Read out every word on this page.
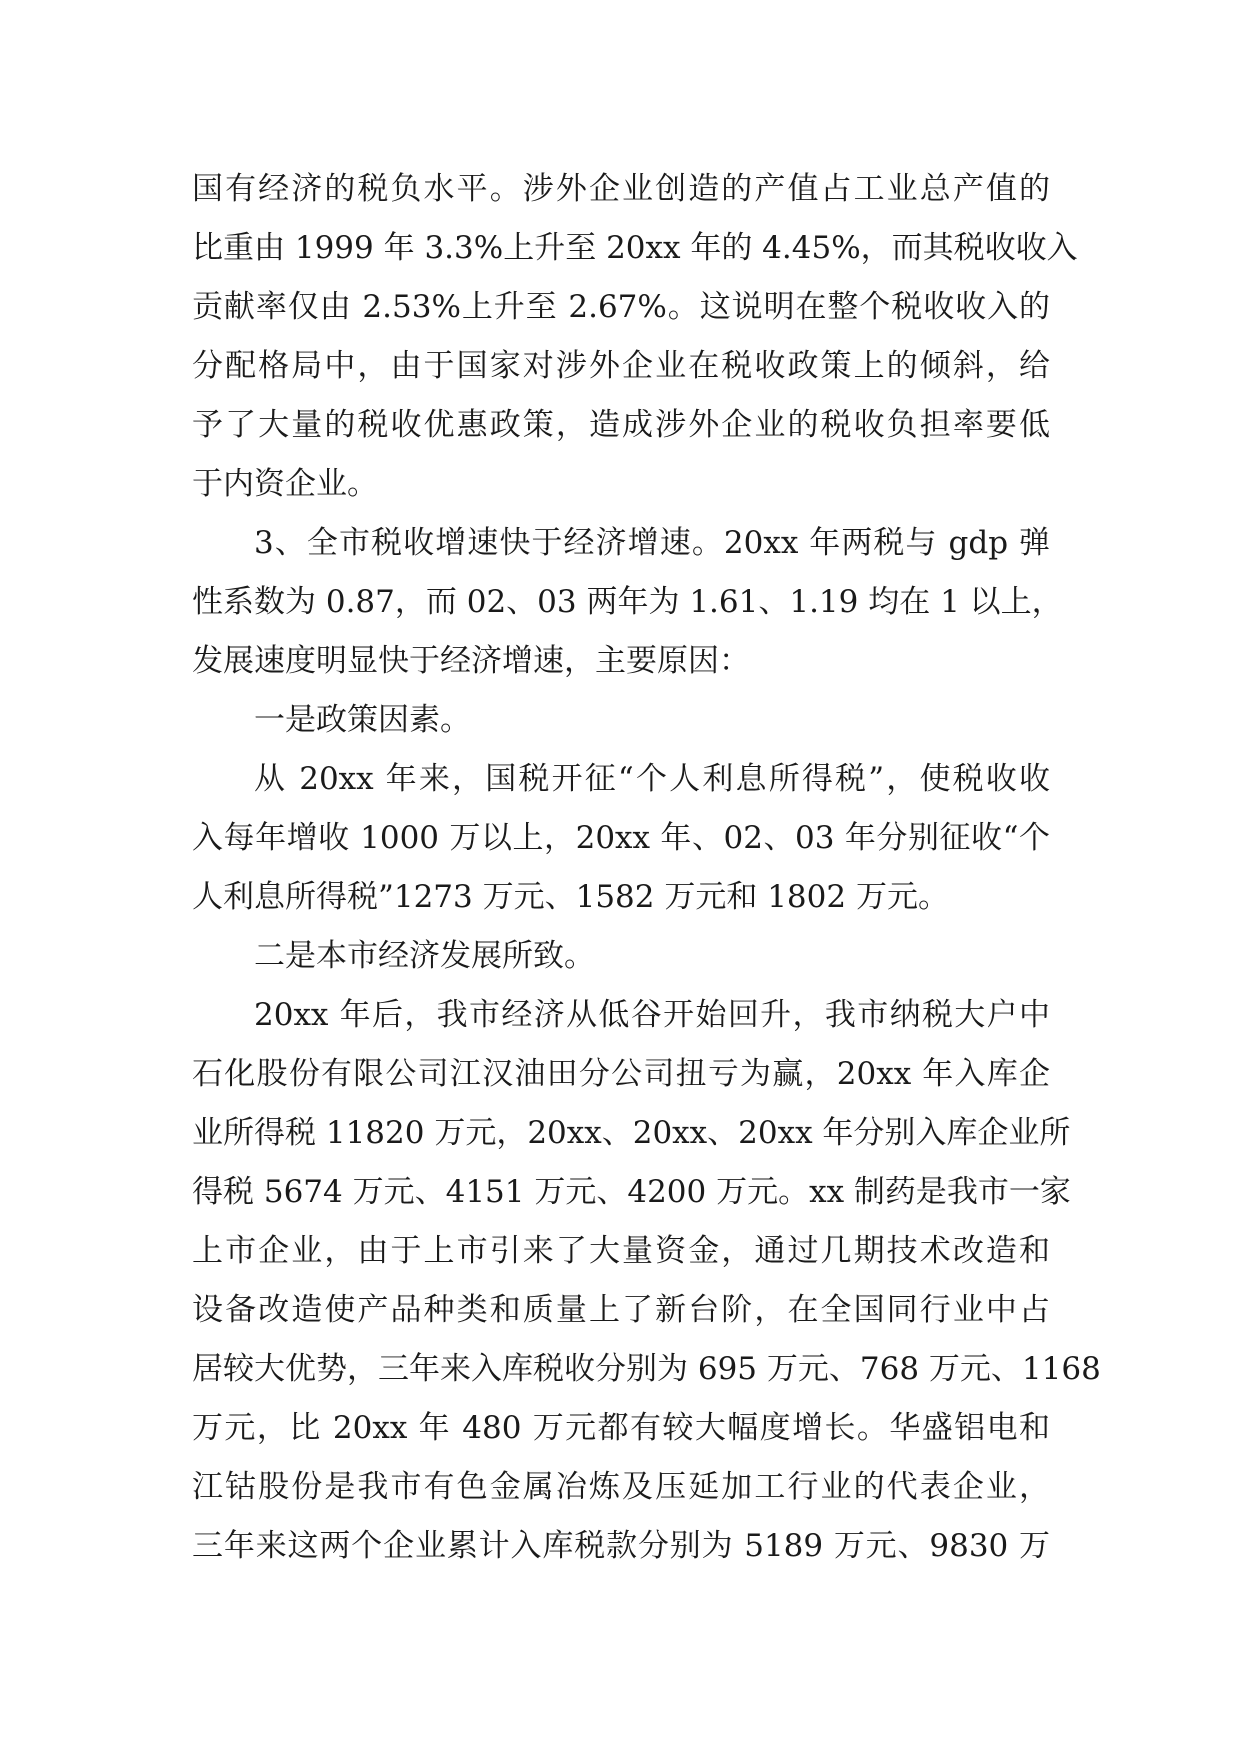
国有经济的税负水平。涉外企业创造的产值占工业总产值的
比重由 1999 年 3.3%上升至 20xx 年的 4.45%，而其税收收入
贡献率仅由 2.53%上升至 2.67%。这说明在整个税收收入的
分配格局中，由于国家对涉外企业在税收政策上的倾斜，给
予了大量的税收优惠政策，造成涉外企业的税收负担率要低
于内资企业。
3、全市税收增速快于经济增速。20xx 年两税与 gdp 弹
性系数为 0.87，而 02、03 两年为 1.61、1.19 均在 1 以上，
发展速度明显快于经济增速，主要原因：
一是政策因素。
从 20xx 年来，国税开征“个人利息所得税”，使税收收
入每年增收 1000 万以上，20xx 年、02、03 年分别征收“个
人利息所得税”1273 万元、1582 万元和 1802 万元。
二是本市经济发展所致。
20xx 年后，我市经济从低谷开始回升，我市纳税大户中
石化股份有限公司江汉油田分公司扭亏为赢，20xx 年入库企
业所得税 11820 万元，20xx、20xx、20xx 年分别入库企业所
得税 5674 万元、4151 万元、4200 万元。xx 制药是我市一家
上市企业，由于上市引来了大量资金，通过几期技术改造和
设备改造使产品种类和质量上了新台阶，在全国同行业中占
居较大优势，三年来入库税收分别为 695 万元、768 万元、1168
万元，比 20xx 年 480 万元都有较大幅度增长。华盛铝电和
江钴股份是我市有色金属冶炼及压延加工行业的代表企业，
三年来这两个企业累计入库税款分别为 5189 万元、9830 万
